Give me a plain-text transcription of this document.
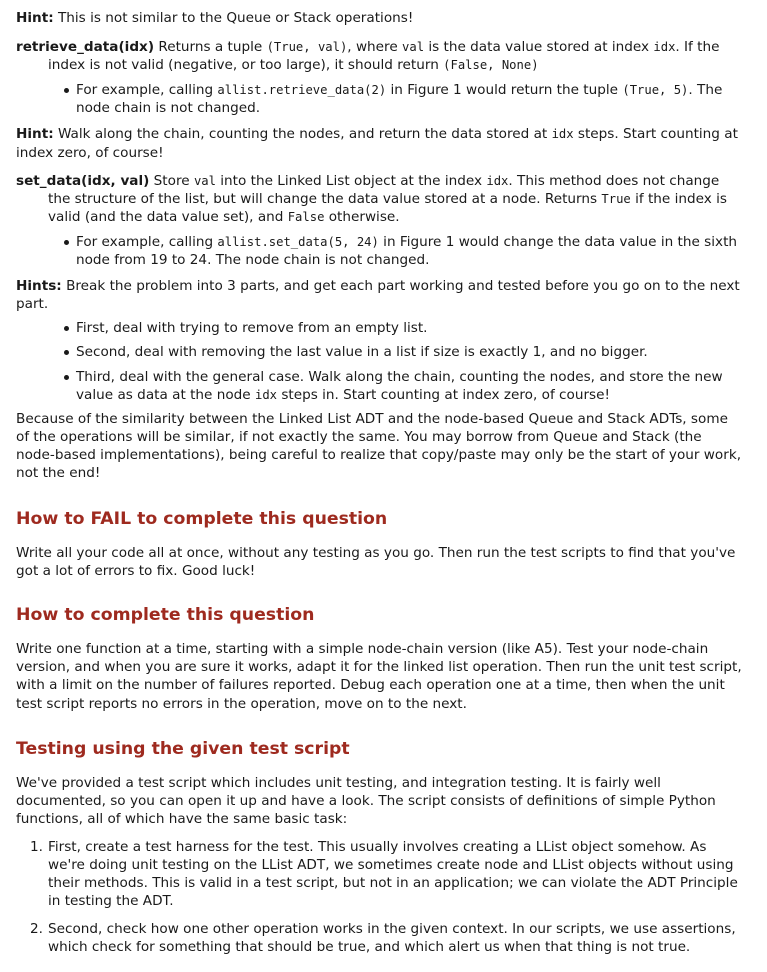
Hint: This is not similar to the Queue or Stack operations!

retrieve_data(idx) Returns a tuple (True, val), where val is the data value stored at index idx. If the index is not valid (negative, or too large), it should return (False, None)

For example, calling allist.retrieve_data(2) in Figure 1 would return the tuple (True, 5). The node chain is not changed.

Hint: Walk along the chain, counting the nodes, and return the data stored at idx steps. Start counting at index zero, of course!

set_data(idx, val) Store val into the Linked List object at the index idx. This method does not change the structure of the list, but will change the data value stored at a node. Returns True if the index is valid (and the data value set), and False otherwise.

For example, calling allist.set_data(5, 24) in Figure 1 would change the data value in the sixth node from 19 to 24. The node chain is not changed.

Hints: Break the problem into 3 parts, and get each part working and tested before you go on to the next part.

First, deal with trying to remove from an empty list.
Second, deal with removing the last value in a list if size is exactly 1, and no bigger.
Third, deal with the general case. Walk along the chain, counting the nodes, and store the new value as data at the node idx steps in. Start counting at index zero, of course!

Because of the similarity between the Linked List ADT and the node-based Queue and Stack ADTs, some of the operations will be similar, if not exactly the same. You may borrow from Queue and Stack (the node-based implementations), being careful to realize that copy/paste may only be the start of your work, not the end!

How to FAIL to complete this question

Write all your code all at once, without any testing as you go. Then run the test scripts to find that you've got a lot of errors to fix. Good luck!

How to complete this question

Write one function at a time, starting with a simple node-chain version (like A5). Test your node-chain version, and when you are sure it works, adapt it for the linked list operation. Then run the unit test script, with a limit on the number of failures reported. Debug each operation one at a time, then when the unit test script reports no errors in the operation, move on to the next.

Testing using the given test script

We've provided a test script which includes unit testing, and integration testing. It is fairly well documented, so you can open it up and have a look. The script consists of definitions of simple Python functions, all of which have the same basic task:

1. First, create a test harness for the test. This usually involves creating a LList object somehow. As we're doing unit testing on the LList ADT, we sometimes create node and LList objects without using their methods. This is valid in a test script, but not in an application; we can violate the ADT Principle in testing the ADT.
2. Second, check how one other operation works in the given context. In our scripts, we use assertions, which check for something that should be true, and which alert us when that thing is not true.
